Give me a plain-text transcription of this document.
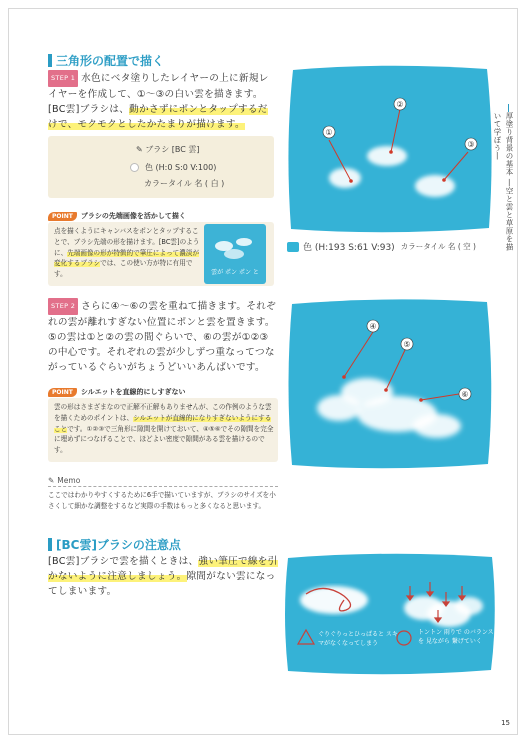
三角形の配置で描く
STEP 1 水色にベタ塗りしたレイヤーの上に新規レイヤーを作成して、①～③の白い雲を描きます。[BC雲]ブラシは、動かさずにポンとタップするだけで、モクモクとしたかたまりが描けます。
✎ ブラシ [BC 雲]
色 (H:0 S:0 V:100)
カラータイル 名 ( 白 )
POINT	ブラシの先端画像を活かして描く
点を描くようにキャンバスをポンとタップすることで、ブラシ先端の形を描けます。[BC雲]のように、先端画像の形が特徴的で筆圧によって濃淡が変化するブラシでは、この使い方が特に有用です。	雲が ポン ポン と
①
②
③
色 (H:193 S:61 V:93) カラータイル 名 ( 空 )	厚塗り背景の基本 ―空と雲と草原を描いて学ぼう―
STEP 2 さらに④～⑥の雲を重ねて描きます。それぞれの雲が離れすぎない位置にポンと雲を置きます。⑤の雲は①と②の雲の間ぐらいで、⑥の雲が①②③の中心です。それぞれの雲が少しずつ重なってつながっているぐらいがちょうどいいあんばいです。
POINT	シルエットを直線的にしすぎない
雲の形はさまざまなので正解不正解もありませんが、この作例のような雲を描くためのポイントは、シルエットが直線的になりすぎないようにすることです。①②③で三角形に隙間を開けておいて、④⑤⑥でその隙間を完全に埋めずにつなげることで、ほどよい密度で隙間がある雲を描けるのです。
④
⑤
⑥
✎ Memo
ここではわかりやすくするために6手で描いていますが、ブラシのサイズを小さくして細かな調整をするなど実際の手数はもっと多くなると思います。
[BC雲]ブラシの注意点
[BC雲]ブラシで雲を描くときは、強い筆圧で線を引かないように注意しましょう。隙間がない雲になってしまいます。
ぐりぐりっとひっぱると スキマがなくなってしまう
トントン 雨りで のバランスを 見ながら 繋げていく
15
